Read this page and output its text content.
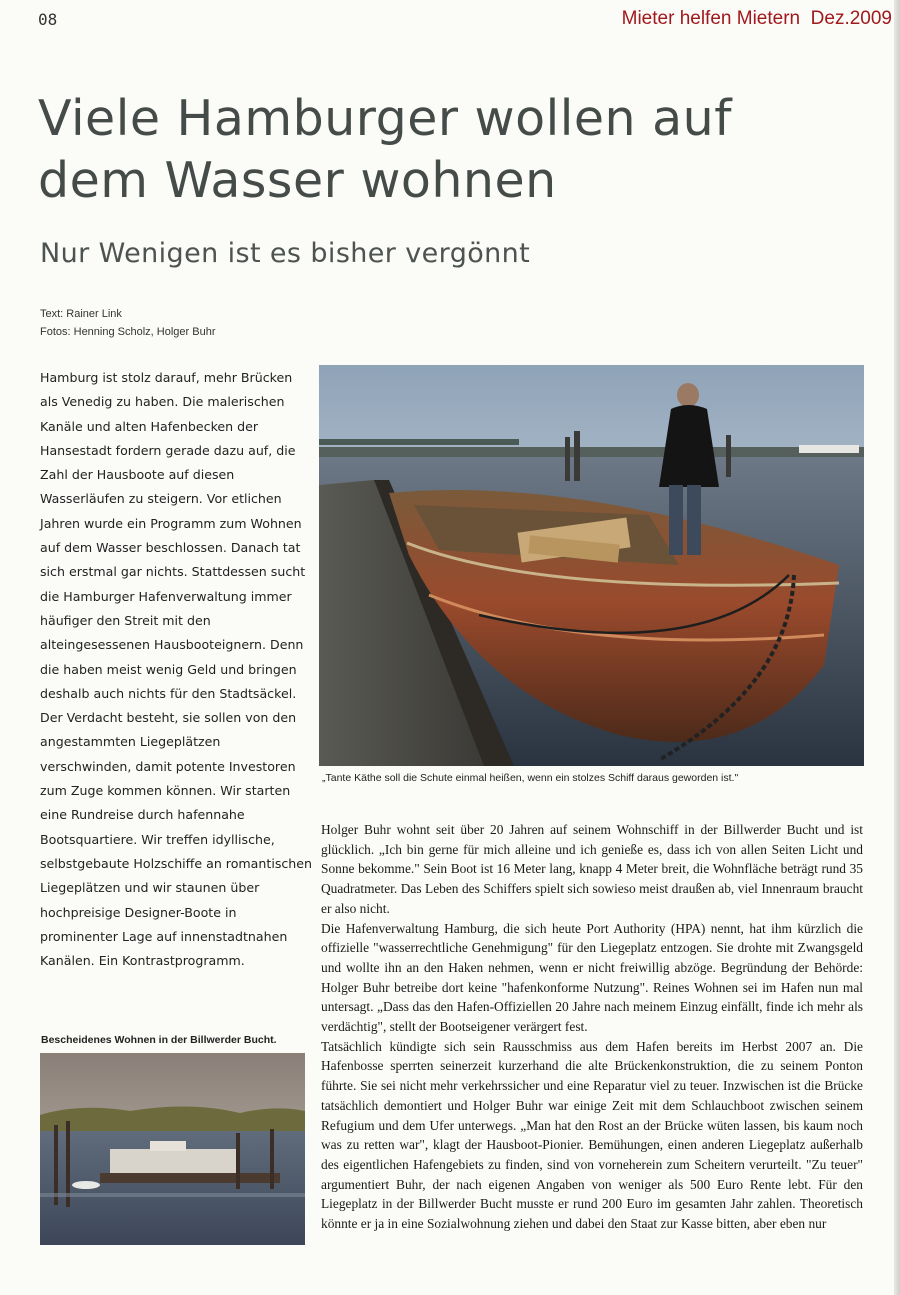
08	Mieter helfen Mietern  Dez.2009
Viele Hamburger wollen auf dem Wasser wohnen
Nur Wenigen ist es bisher vergönnt
Text: Rainer Link
Fotos: Henning Scholz, Holger Buhr

Hamburg ist stolz darauf, mehr Brücken als Venedig zu haben. Die malerischen Kanäle und alten Hafenbecken der Hansestadt fordern gerade dazu auf, die Zahl der Hausboote auf diesen Wasserläufen zu steigern. Vor etlichen Jahren wurde ein Programm zum Wohnen auf dem Wasser beschlossen. Danach tat sich erstmal gar nichts. Stattdessen sucht die Hamburger Hafenverwaltung immer häufiger den Streit mit den alteingesessenen Hausbooteignern. Denn die haben meist wenig Geld und bringen deshalb auch nichts für den Stadtsäckel. Der Verdacht besteht, sie sollen von den angestammten Liegeplätzen verschwinden, damit potente Investoren zum Zuge kommen können. Wir starten eine Rundreise durch hafennahe Bootsquartiere. Wir treffen idyllische, selbstgebaute Holzschiffe an romantischen Liegeplätzen und wir staunen über hochpreisige Designer-Boote in prominenter Lage auf innenstadtnahen Kanälen. Ein Kontrastprogramm.

„Tante Käthe soll die Schute einmal heißen, wenn ein stolzes Schiff daraus geworden ist."

Holger Buhr wohnt seit über 20 Jahren auf seinem Wohnschiff in der Billwerder Bucht und ist glücklich. „Ich bin gerne für mich alleine und ich genieße es, dass ich von allen Seiten Licht und Sonne bekomme." Sein Boot ist 16 Meter lang, knapp 4 Meter breit, die Wohnfläche beträgt rund 35 Quadratmeter. Das Leben des Schiffers spielt sich sowieso meist draußen ab, viel Innenraum braucht er also nicht.

Die Hafenverwaltung Hamburg, die sich heute Port Authority (HPA) nennt, hat ihm kürzlich die offizielle "wasserrechtliche Genehmigung" für den Liegeplatz entzogen. Sie drohte mit Zwangsgeld und wollte ihn an den Haken nehmen, wenn er nicht freiwillig abzöge. Begründung der Behörde: Holger Buhr betreibe dort keine "hafenkonforme Nutzung". Reines Wohnen sei im Hafen nun mal untersagt. „Dass das den Hafen-Offiziellen 20 Jahre nach meinem Einzug einfällt, finde ich mehr als verdächtig", stellt der Bootseigener verärgert fest.

Tatsächlich kündigte sich sein Rausschmiss aus dem Hafen bereits im Herbst 2007 an. Die Hafenbosse sperrten seinerzeit kurzerhand die alte Brückenkonstruktion, die zu seinem Ponton führte. Sie sei nicht mehr verkehrssicher und eine Reparatur viel zu teuer. Inzwischen ist die Brücke tatsächlich demontiert und Holger Buhr war einige Zeit mit dem Schlauchboot zwischen seinem Refugium und dem Ufer unterwegs. „Man hat den Rost an der Brücke wüten lassen, bis kaum noch was zu retten war", klagt der Hausboot-Pionier. Bemühungen, einen anderen Liegeplatz außerhalb des eigentlichen Hafengebiets zu finden, sind von vorneherein zum Scheitern verurteilt. "Zu teuer" argumentiert Buhr, der nach eigenen Angaben von weniger als 500 Euro Rente lebt. Für den Liegeplatz in der Billwerder Bucht musste er rund 200 Euro im gesamten Jahr zahlen. Theoretisch könnte er ja in eine Sozialwohnung ziehen und dabei den Staat zur Kasse bitten, aber eben nur

Bescheidenes Wohnen in der Billwerder Bucht.
